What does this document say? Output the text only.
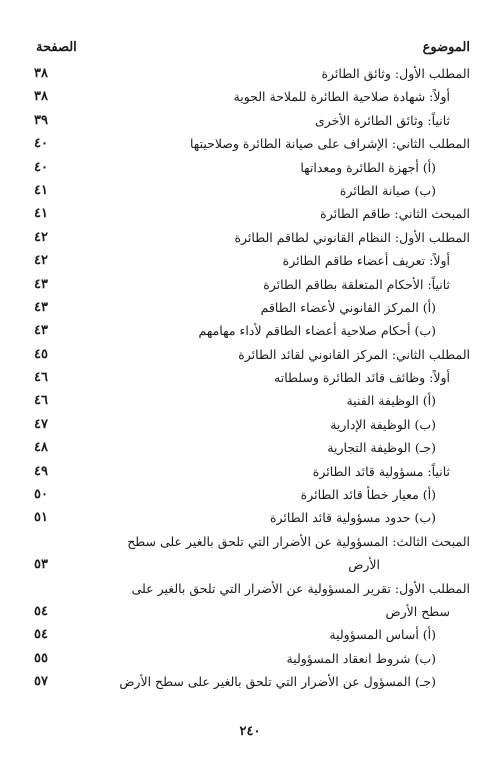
الموضوع
الصفحة
المطلب الأول: وثائق الطائرة
٣٨
أولاً: شهادة صلاحية الطائرة للملاحة الجوية
٣٨
ثانياً: وثائق الطائرة الأخرى
٣٩
المطلب الثاني: الإشراف على صيانة الطائرة وصلاحيتها
٤٠
(أ) أجهزة الطائرة ومعداتها
٤٠
(ب) صيانة الطائرة
٤١
المبحث الثاني: طاقم الطائرة
٤١
المطلب الأول: النظام القانوني لطاقم الطائرة
٤٢
أولاً: تعريف أعضاء طاقم الطائرة
٤٢
ثانياً: الأحكام المتعلقة بطاقم الطائرة
٤٣
(أ) المركز القانوني لأعضاء الطاقم
٤٣
(ب) أحكام صلاحية أعضاء الطاقم لأداء مهامهم
٤٣
المطلب الثاني: المركز القانوني لقائد الطائرة
٤٥
أولاً: وظائف قائد الطائرة وسلطاته
٤٦
(أ) الوظيفة الفنية
٤٦
(ب) الوظيفة الإدارية
٤٧
(جـ) الوظيفة التجارية
٤٨
ثانياً: مسؤولية قائد الطائرة
٤٩
(أ) معيار خطأ قائد الطائرة
٥٠
(ب) حدود مسؤولية قائد الطائرة
٥١
المبحث الثالث: المسؤولية عن الأضرار التي تلحق بالغير على سطح
الأرض
٥٣
المطلب الأول: تقرير المسؤولية عن الأضرار التي تلحق بالغير على
سطح الأرض
٥٤
(أ) أساس المسؤولية
٥٤
(ب) شروط انعقاد المسؤولية
٥٥
(جـ) المسؤول عن الأضرار التي تلحق بالغير على سطح الأرض
٥٧
٢٤٠
